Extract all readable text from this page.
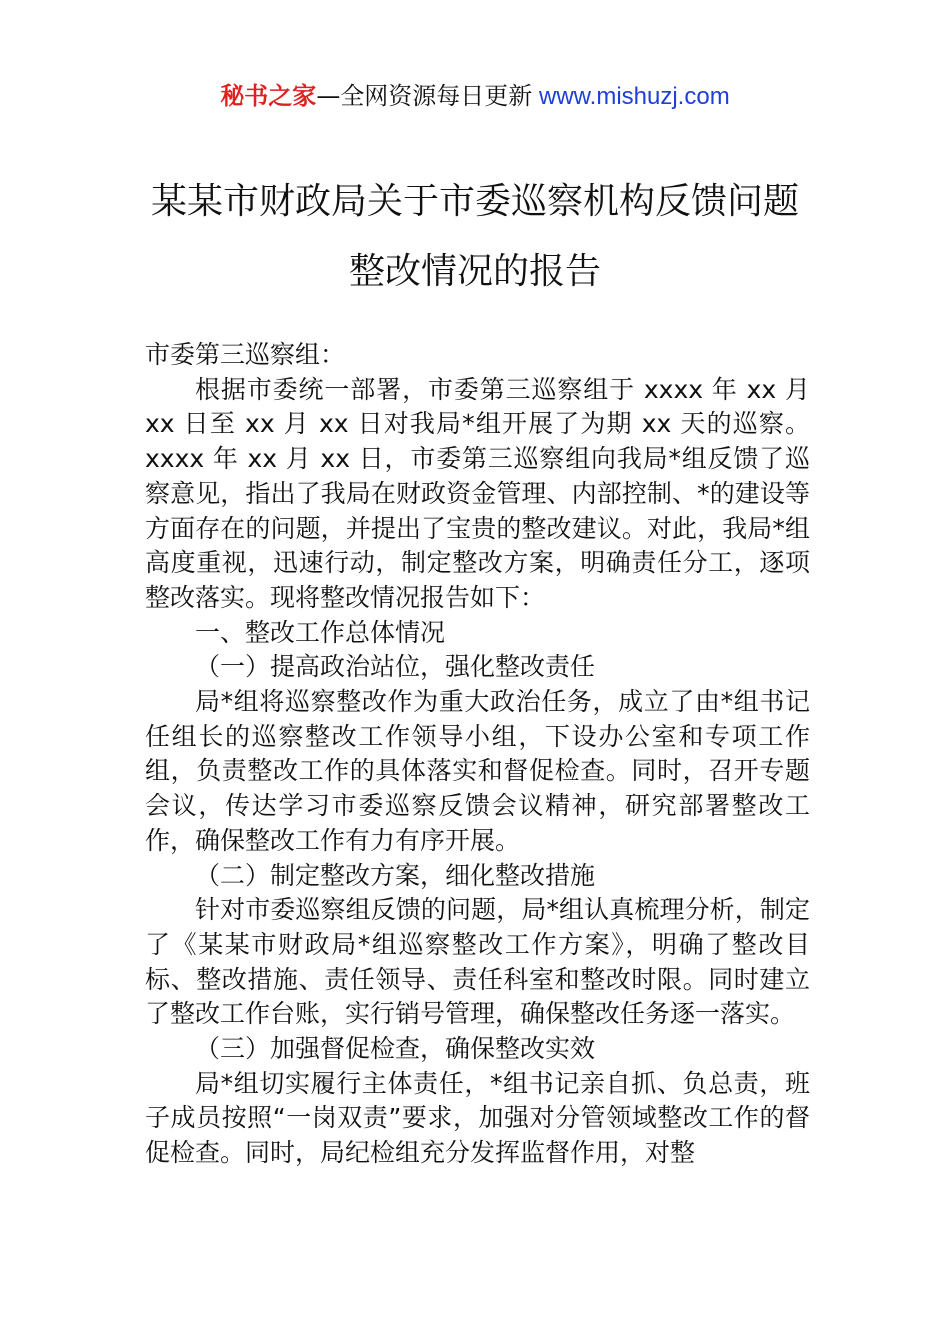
秘书之家—全网资源每日更新 www.mishuzj.com
某某市财政局关于市委巡察机构反馈问题
整改情况的报告

市委第三巡察组：

根据市委统一部署，市委第三巡察组于 xxxx 年 xx 月 xx 日至 xx 月 xx 日对我局*组开展了为期 xx 天的巡察。xxxx 年 xx 月 xx 日，市委第三巡察组向我局*组反馈了巡察意见，指出了我局在财政资金管理、内部控制、*的建设等方面存在的问题，并提出了宝贵的整改建议。对此，我局*组高度重视，迅速行动，制定整改方案，明确责任分工，逐项整改落实。现将整改情况报告如下：

一、整改工作总体情况

（一）提高政治站位，强化整改责任

局*组将巡察整改作为重大政治任务，成立了由*组书记任组长的巡察整改工作领导小组，下设办公室和专项工作组，负责整改工作的具体落实和督促检查。同时，召开专题会议，传达学习市委巡察反馈会议精神，研究部署整改工作，确保整改工作有力有序开展。

（二）制定整改方案，细化整改措施

针对市委巡察组反馈的问题，局*组认真梳理分析，制定了《某某市财政局*组巡察整改工作方案》，明确了整改目标、整改措施、责任领导、责任科室和整改时限。同时建立了整改工作台账，实行销号管理，确保整改任务逐一落实。

（三）加强督促检查，确保整改实效

局*组切实履行主体责任，*组书记亲自抓、负总责，班子成员按照“一岗双责”要求，加强对分管领域整改工作的督促检查。同时，局纪检组充分发挥监督作用，对整
